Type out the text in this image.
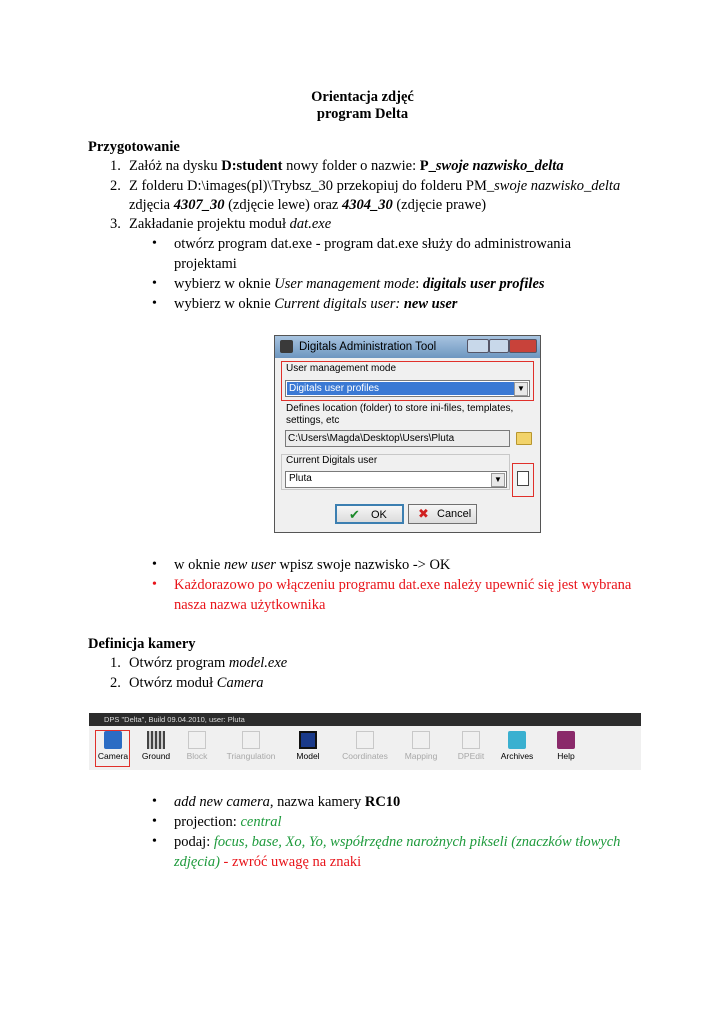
Orientacja zdjęć
program Delta
Przygotowanie
1. Załóż na dysku D:student nowy folder o nazwie: P_swoje nazwisko_delta
2. Z folderu D:\images(pl)\Trybsz_30 przekopiuj do folderu PM_swoje nazwisko_delta
zdjęcia 4307_30 (zdjęcie lewe) oraz 4304_30 (zdjęcie prawe)
3. Zakładanie projektu moduł dat.exe
• otwórz program dat.exe - program dat.exe służy do administrowania
projektami
• wybierz w oknie User management mode: digitals user profiles
• wybierz w oknie Current digitals user: new user
Digitals Administration Tool
User management mode
Digitals user profiles	▼
Defines location (folder) to store ini-files, templates,
settings, etc
C:\Users\Magda\Desktop\Users\Pluta
Current Digitals user
Pluta	▼
✔ OK ✖ Cancel
• w oknie new user wpisz swoje nazwisko -> OK
• Każdorazowo po włączeniu programu dat.exe należy upewnić się jest wybrana
nasza nazwa użytkownika
Definicja kamery
1. Otwórz program model.exe
2. Otwórz moduł Camera
DPS "Delta", Build 09.04.2010, user: Pluta
Camera	Ground	Block	Triangulation	Model	Coordinates	Mapping	DPEdit	Archives	Help
• add new camera, nazwa kamery RC10
• projection: central
• podaj: focus, base, Xo, Yo, współrzędne narożnych pikseli (znaczków tłowych
zdjęcia) - zwróć uwagę na znaki
